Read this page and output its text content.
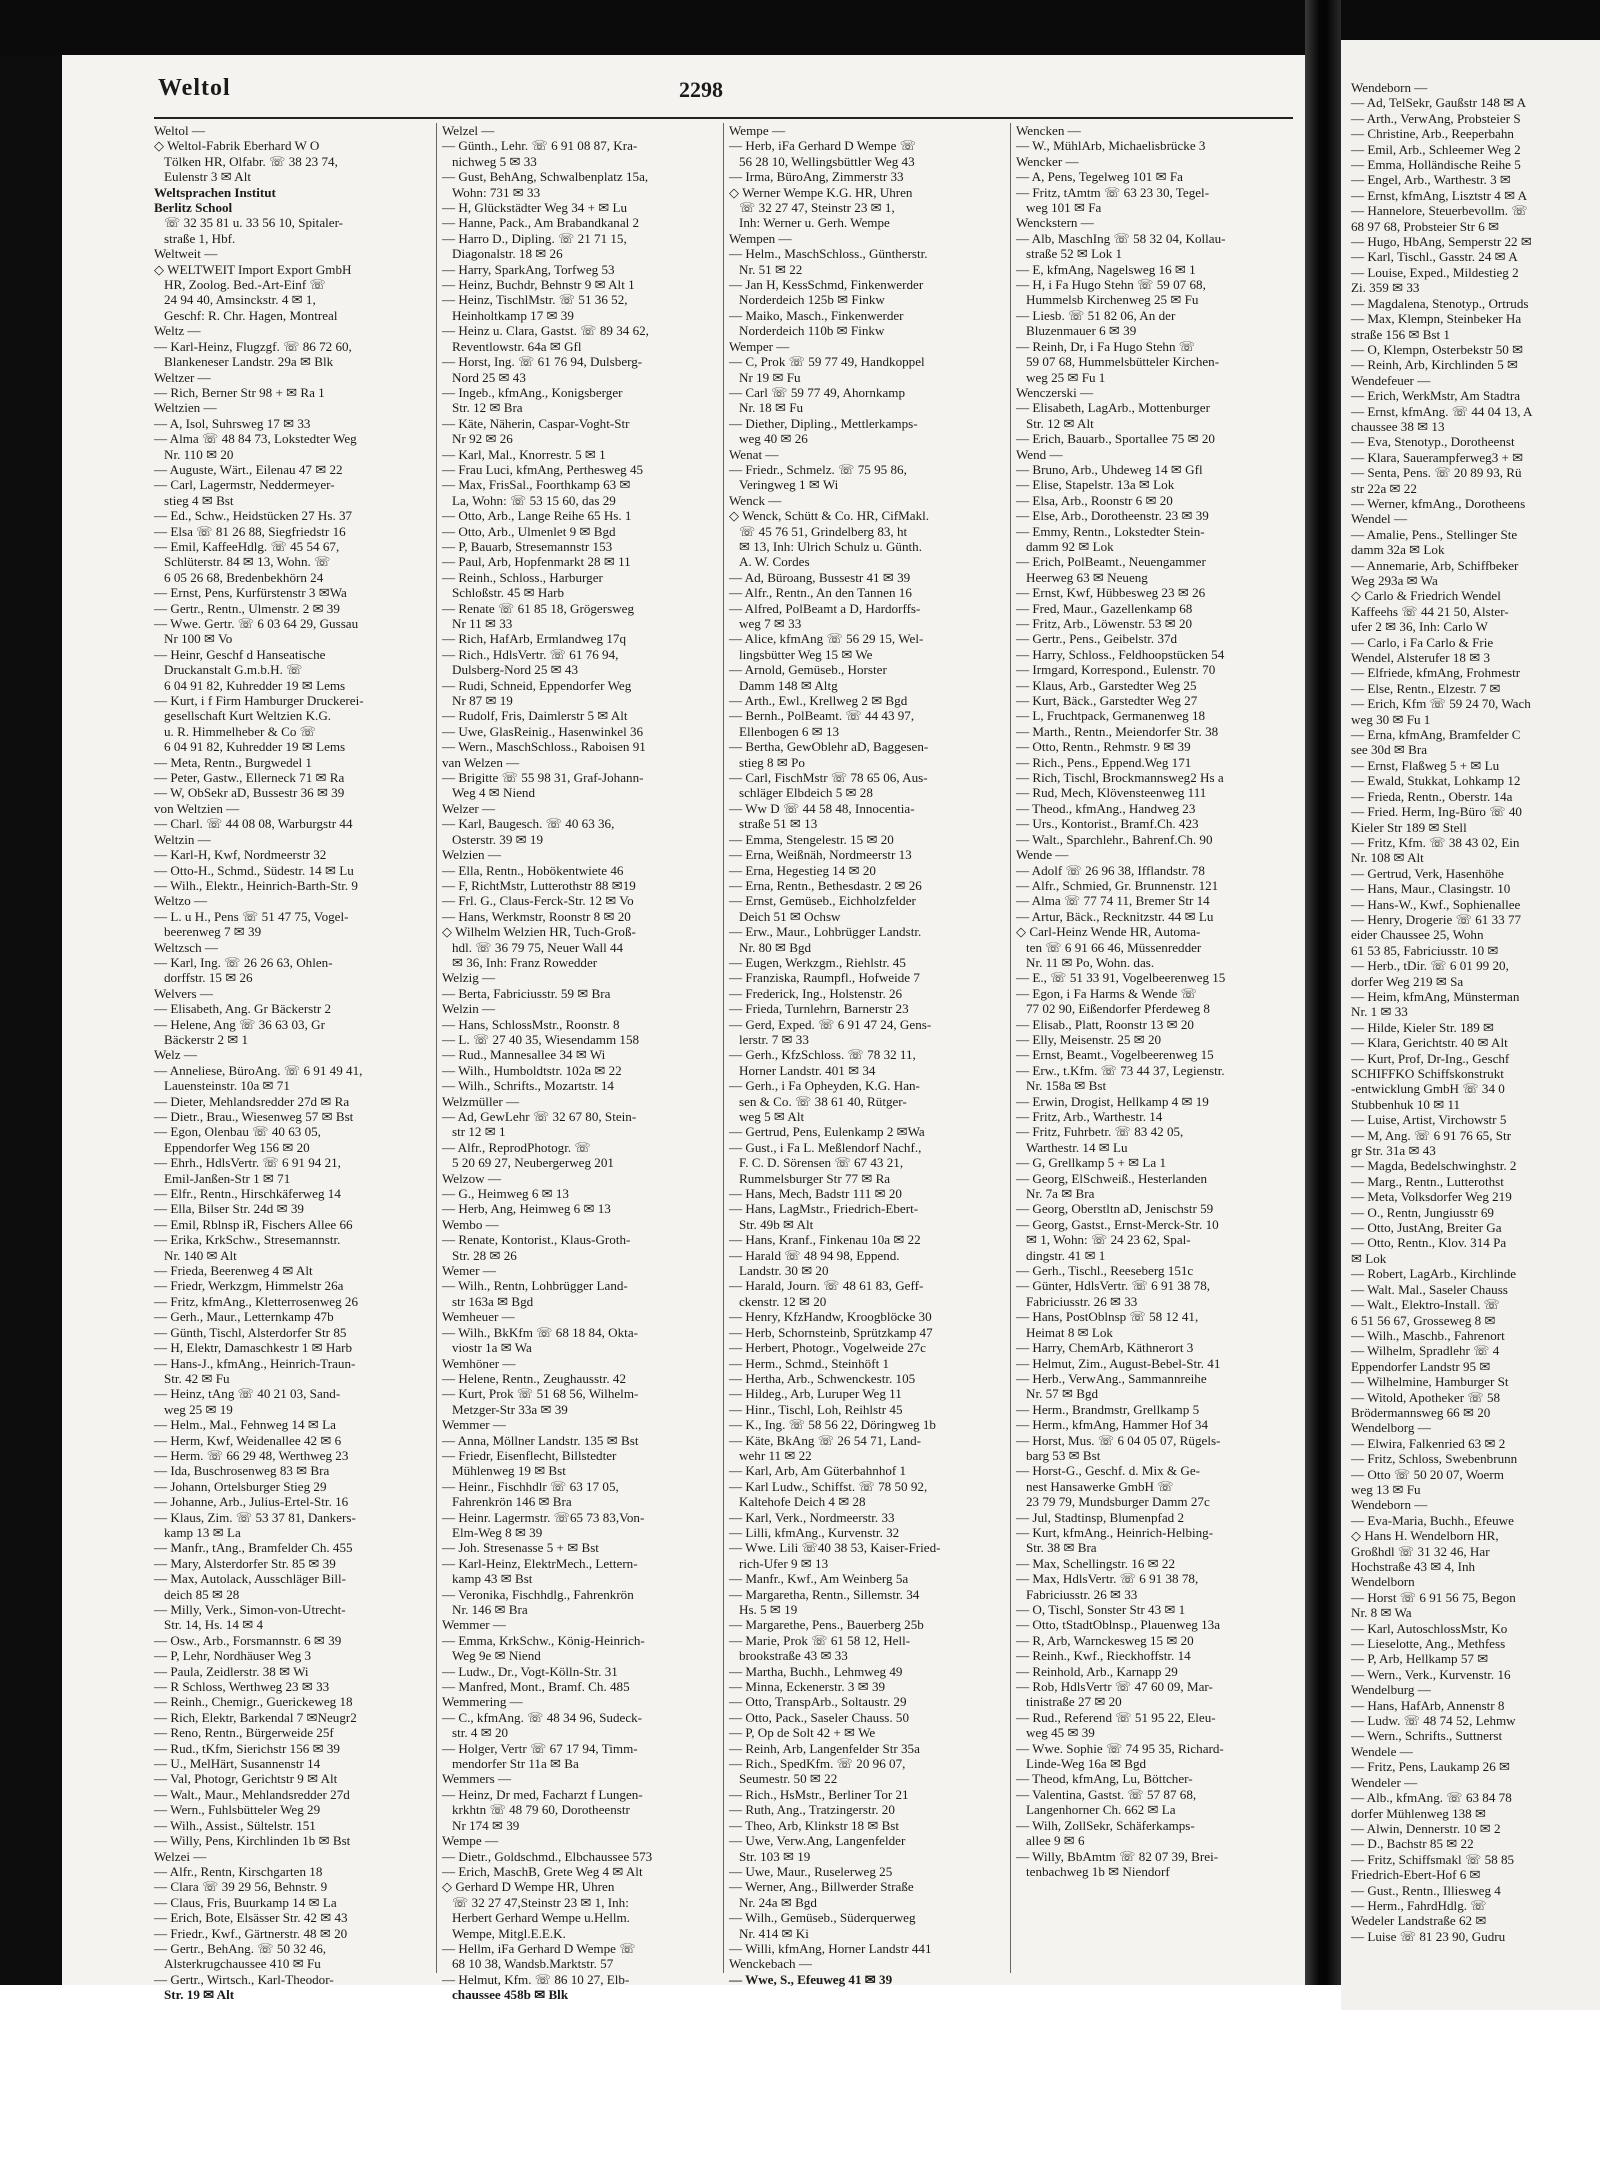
Weltol	2298
Weltol —
◇ Weltol-Fabrik Eberhard W O
Tölken HR, Olfabr. ☏ 38 23 74,
Eulenstr 3 ✉ Alt
Weltsprachen Institut
Berlitz School
☏ 32 35 81 u. 33 56 10, Spitaler-
straße 1, Hbf.
Weltweit —
◇ WELTWEIT Import Export GmbH
HR, Zoolog. Bed.-Art-Einf ☏
24 94 40, Amsinckstr. 4 ✉ 1,
Geschf: R. Chr. Hagen, Montreal
Weltz —
— Karl-Heinz, Flugzgf. ☏ 86 72 60,
Blankeneser Landstr. 29a ✉ Blk
Weltzer —
— Rich, Berner Str 98 + ✉ Ra 1
Weltzien —
— A, Isol, Suhrsweg 17 ✉ 33
— Alma ☏ 48 84 73, Lokstedter Weg
Nr. 110 ✉ 20
— Auguste, Wärt., Eilenau 47 ✉ 22
— Carl, Lagermstr, Neddermeyer-
stieg 4 ✉ Bst
— Ed., Schw., Heidstücken 27 Hs. 37
— Elsa ☏ 81 26 88, Siegfriedstr 16
— Emil, KaffeeHdlg. ☏ 45 54 67,
Schlüterstr. 84 ✉ 13, Wohn. ☏
6 05 26 68, Bredenbekhörn 24
— Ernst, Pens, Kurfürstenstr 3 ✉Wa
— Gertr., Rentn., Ulmenstr. 2 ✉ 39
— Wwe. Gertr. ☏ 6 03 64 29, Gussau
Nr 100 ✉ Vo
— Heinr, Geschf d Hanseatische
Druckanstalt G.m.b.H. ☏
6 04 91 82, Kuhredder 19 ✉ Lems
— Kurt, i f Firm Hamburger Druckerei-
gesellschaft Kurt Weltzien K.G.
u. R. Himmelheber & Co ☏
6 04 91 82, Kuhredder 19 ✉ Lems
— Meta, Rentn., Burgwedel 1
— Peter, Gastw., Ellerneck 71 ✉ Ra
— W, ObSekr aD, Bussestr 36 ✉ 39
von Weltzien —
— Charl. ☏ 44 08 08, Warburgstr 44
Weltzin —
— Karl-H, Kwf, Nordmeerstr 32
— Otto-H., Schmd., Südestr. 14 ✉ Lu
— Wilh., Elektr., Heinrich-Barth-Str. 9
Weltzo —
— L. u H., Pens ☏ 51 47 75, Vogel-
beerenweg 7 ✉ 39
Weltzsch —
— Karl, Ing. ☏ 26 26 63, Ohlen-
dorffstr. 15 ✉ 26
Welvers —
— Elisabeth, Ang. Gr Bäckerstr 2
— Helene, Ang ☏ 36 63 03, Gr
Bäckerstr 2 ✉ 1
Welz —
— Anneliese, BüroAng. ☏ 6 91 49 41,
Lauensteinstr. 10a ✉ 71
— Dieter, Mehlandsredder 27d ✉ Ra
— Dietr., Brau., Wiesenweg 57 ✉ Bst
— Egon, Olenbau ☏ 40 63 05,
Eppendorfer Weg 156 ✉ 20
— Ehrh., HdlsVertr. ☏ 6 91 94 21,
Emil-Janßen-Str 1 ✉ 71
— Elfr., Rentn., Hirschkäferweg 14
— Ella, Bilser Str. 24d ✉ 39
— Emil, Rblnsp iR, Fischers Allee 66
— Erika, KrkSchw., Stresemannstr.
Nr. 140 ✉ Alt
— Frieda, Beerenweg 4 ✉ Alt
— Friedr, Werkzgm, Himmelstr 26a
— Fritz, kfmAng., Kletterrosenweg 26
— Gerh., Maur., Letternkamp 47b
— Günth, Tischl, Alsterdorfer Str 85
— H, Elektr, Damaschkestr 1 ✉ Harb
— Hans-J., kfmAng., Heinrich-Traun-
Str. 42 ✉ Fu
— Heinz, tAng ☏ 40 21 03, Sand-
weg 25 ✉ 19
— Helm., Mal., Fehnweg 14 ✉ La
— Herm, Kwf, Weidenallee 42 ✉ 6
— Herm. ☏ 66 29 48, Werthweg 23
— Ida, Buschrosenweg 83 ✉ Bra
— Johann, Ortelsburger Stieg 29
— Johanne, Arb., Julius-Ertel-Str. 16
— Klaus, Zim. ☏ 53 37 81, Dankers-
kamp 13 ✉ La
— Manfr., tAng., Bramfelder Ch. 455
— Mary, Alsterdorfer Str. 85 ✉ 39
— Max, Autolack, Ausschläger Bill-
deich 85 ✉ 28
— Milly, Verk., Simon-von-Utrecht-
Str. 14, Hs. 14 ✉ 4
— Osw., Arb., Forsmannstr. 6 ✉ 39
— P, Lehr, Nordhäuser Weg 3
— Paula, Zeidlerstr. 38 ✉ Wi
— R Schloss, Werthweg 23 ✉ 33
— Reinh., Chemigr., Guerickeweg 18
— Rich, Elektr, Barkendal 7 ✉Neugr2
— Reno, Rentn., Bürgerweide 25f
— Rud., tKfm, Sierichstr 156 ✉ 39
— U., MelHärt, Susannenstr 14
— Val, Photogr, Gerichtstr 9 ✉ Alt
— Walt., Maur., Mehlandsredder 27d
— Wern., Fuhlsbütteler Weg 29
— Wilh., Assist., Sültelstr. 151
— Willy, Pens, Kirchlinden 1b ✉ Bst
Welzei —
— Alfr., Rentn, Kirschgarten 18
— Clara ☏ 39 29 56, Behnstr. 9
— Claus, Fris, Buurkamp 14 ✉ La
— Erich, Bote, Elsässer Str. 42 ✉ 43
— Friedr., Kwf., Gärtnerstr. 48 ✉ 20
— Gertr., BehAng. ☏ 50 32 46,
Alsterkrugchaussee 410 ✉ Fu
— Gertr., Wirtsch., Karl-Theodor-
Str. 19 ✉ Alt
Welzel —
— Günth., Lehr. ☏ 6 91 08 87, Kra-
nichweg 5 ✉ 33
— Gust, BehAng, Schwalbenplatz 15a,
Wohn: 731 ✉ 33
— H, Glückstädter Weg 34 + ✉ Lu
— Hanne, Pack., Am Brabandkanal 2
— Harro D., Dipling. ☏ 21 71 15,
Diagonalstr. 18 ✉ 26
— Harry, SparkAng, Torfweg 53
— Heinz, Buchdr, Behnstr 9 ✉ Alt 1
— Heinz, TischlMstr. ☏ 51 36 52,
Heinholtkamp 17 ✉ 39
— Heinz u. Clara, Gastst. ☏ 89 34 62,
Reventlowstr. 64a ✉ Gfl
— Horst, Ing. ☏ 61 76 94, Dulsberg-
Nord 25 ✉ 43
— Ingeb., kfmAng., Konigsberger
Str. 12 ✉ Bra
— Käte, Näherin, Caspar-Voght-Str
Nr 92 ✉ 26
— Karl, Mal., Knorrestr. 5 ✉ 1
— Frau Luci, kfmAng, Perthesweg 45
— Max, FrisSal., Foorthkamp 63 ✉
La, Wohn: ☏ 53 15 60, das 29
— Otto, Arb., Lange Reihe 65 Hs. 1
— Otto, Arb., Ulmenlet 9 ✉ Bgd
— P, Bauarb, Stresemannstr 153
— Paul, Arb, Hopfenmarkt 28 ✉ 11
— Reinh., Schloss., Harburger
Schloßstr. 45 ✉ Harb
— Renate ☏ 61 85 18, Grögersweg
Nr 11 ✉ 33
— Rich, HafArb, Ermlandweg 17q
— Rich., HdlsVertr. ☏ 61 76 94,
Dulsberg-Nord 25 ✉ 43
— Rudi, Schneid, Eppendorfer Weg
Nr 87 ✉ 19
— Rudolf, Fris, Daimlerstr 5 ✉ Alt
— Uwe, GlasReinig., Hasenwinkel 36
— Wern., MaschSchloss., Raboisen 91
van Welzen —
— Brigitte ☏ 55 98 31, Graf-Johann-
Weg 4 ✉ Niend
Welzer —
— Karl, Baugesch. ☏ 40 63 36,
Osterstr. 39 ✉ 19
Welzien —
— Ella, Rentn., Hobökentwiete 46
— F, RichtMstr, Lutterothstr 88 ✉19
— Frl. G., Claus-Ferck-Str. 12 ✉ Vo
— Hans, Werkmstr, Roonstr 8 ✉ 20
◇ Wilhelm Welzien HR, Tuch-Groß-
hdl. ☏ 36 79 75, Neuer Wall 44
✉ 36, Inh: Franz Rowedder
Welzig —
— Berta, Fabriciusstr. 59 ✉ Bra
Welzin —
— Hans, SchlossMstr., Roonstr. 8
— L. ☏ 27 40 35, Wiesendamm 158
— Rud., Mannesallee 34 ✉ Wi
— Wilh., Humboldtstr. 102a ✉ 22
— Wilh., Schrifts., Mozartstr. 14
Welzmüller —
— Ad, GewLehr ☏ 32 67 80, Stein-
str 12 ✉ 1
— Alfr., ReprodPhotogr. ☏
5 20 69 27, Neubergerweg 201
Welzow —
— G., Heimweg 6 ✉ 13
— Herb, Ang, Heimweg 6 ✉ 13
Wembo —
— Renate, Kontorist., Klaus-Groth-
Str. 28 ✉ 26
Wemer —
— Wilh., Rentn, Lohbrügger Land-
str 163a ✉ Bgd
Wemheuer —
— Wilh., BkKfm ☏ 68 18 84, Okta-
viostr 1a ✉ Wa
Wemhöner —
— Helene, Rentn., Zeughausstr. 42
— Kurt, Prok ☏ 51 68 56, Wilhelm-
Metzger-Str 33a ✉ 39
Wemmer —
— Anna, Möllner Landstr. 135 ✉ Bst
— Friedr, Eisenflecht, Billstedter
Mühlenweg 19 ✉ Bst
— Heinr., Fischhdlr ☏ 63 17 05,
Fahrenkrön 146 ✉ Bra
— Heinr. Lagermstr. ☏65 73 83,Von-
Elm-Weg 8 ✉ 39
— Joh. Stresenasse 5 + ✉ Bst
— Karl-Heinz, ElektrMech., Lettern-
kamp 43 ✉ Bst
— Veronika, Fischhdlg., Fahrenkrön
Nr. 146 ✉ Bra
Wemmer —
— Emma, KrkSchw., König-Heinrich-
Weg 9e ✉ Niend
— Ludw., Dr., Vogt-Kölln-Str. 31
— Manfred, Mont., Bramf. Ch. 485
Wemmering —
— C., kfmAng. ☏ 48 34 96, Sudeck-
str. 4 ✉ 20
— Holger, Vertr ☏ 67 17 94, Timm-
mendorfer Str 11a ✉ Ba
Wemmers —
— Heinz, Dr med, Facharzt f Lungen-
krkhtn ☏ 48 79 60, Dorotheenstr
Nr 174 ✉ 39
Wempe —
— Dietr., Goldschmd., Elbchaussee 573
— Erich, MaschB, Grete Weg 4 ✉ Alt
◇ Gerhard D Wempe HR, Uhren
☏ 32 27 47,Steinstr 23 ✉ 1, Inh:
Herbert Gerhard Wempe u.Hellm.
Wempe, Mitgl.E.E.K.
— Hellm, iFa Gerhard D Wempe ☏
68 10 38, Wandsb.Marktstr. 57
— Helmut, Kfm. ☏ 86 10 27, Elb-
chaussee 458b ✉ Blk
Wempe —
— Herb, iFa Gerhard D Wempe ☏
56 28 10, Wellingsbüttler Weg 43
— Irma, BüroAng, Zimmerstr 33
◇ Werner Wempe K.G. HR, Uhren
☏ 32 27 47, Steinstr 23 ✉ 1,
Inh: Werner u. Gerh. Wempe
Wempen —
— Helm., MaschSchloss., Güntherstr.
Nr. 51 ✉ 22
— Jan H, KessSchmd, Finkenwerder
Norderdeich 125b ✉ Finkw
— Maiko, Masch., Finkenwerder
Norderdeich 110b ✉ Finkw
Wemper —
— C, Prok ☏ 59 77 49, Handkoppel
Nr 19 ✉ Fu
— Carl ☏ 59 77 49, Ahornkamp
Nr. 18 ✉ Fu
— Diether, Dipling., Mettlerkamps-
weg 40 ✉ 26
Wenat —
— Friedr., Schmelz. ☏ 75 95 86,
Veringweg 1 ✉ Wi
Wenck —
◇ Wenck, Schütt & Co. HR, CifMakl.
☏ 45 76 51, Grindelberg 83, ht
✉ 13, Inh: Ulrich Schulz u. Günth.
A. W. Cordes
— Ad, Büroang, Bussestr 41 ✉ 39
— Alfr., Rentn., An den Tannen 16
— Alfred, PolBeamt a D, Hardorffs-
weg 7 ✉ 33
— Alice, kfmAng ☏ 56 29 15, Wel-
lingsbütter Weg 15 ✉ We
— Arnold, Gemüseb., Horster
Damm 148 ✉ Altg
— Arth., Ewl., Krellweg 2 ✉ Bgd
— Bernh., PolBeamt. ☏ 44 43 97,
Ellenbogen 6 ✉ 13
— Bertha, GewOblehr aD, Baggesen-
stieg 8 ✉ Po
— Carl, FischMstr ☏ 78 65 06, Aus-
schläger Elbdeich 5 ✉ 28
— Ww D ☏ 44 58 48, Innocentia-
straße 51 ✉ 13
— Emma, Stengelestr. 15 ✉ 20
— Erna, Weißnäh, Nordmeerstr 13
— Erna, Hegestieg 14 ✉ 20
— Erna, Rentn., Bethesdastr. 2 ✉ 26
— Ernst, Gemüseb., Eichholzfelder
Deich 51 ✉ Ochsw
— Erw., Maur., Lohbrügger Landstr.
Nr. 80 ✉ Bgd
— Eugen, Werkzgm., Riehlstr. 45
— Franziska, Raumpfl., Hofweide 7
— Frederick, Ing., Holstenstr. 26
— Frieda, Turnlehrn, Barnerstr 23
— Gerd, Exped. ☏ 6 91 47 24, Gens-
lerstr. 7 ✉ 33
— Gerh., KfzSchloss. ☏ 78 32 11,
Horner Landstr. 401 ✉ 34
— Gerh., i Fa Opheyden, K.G. Han-
sen & Co. ☏ 38 61 40, Rütger-
weg 5 ✉ Alt
— Gertrud, Pens, Eulenkamp 2 ✉Wa
— Gust., i Fa L. Meßlendorf Nachf.,
F. C. D. Sörensen ☏ 67 43 21,
Rummelsburger Str 77 ✉ Ra
— Hans, Mech, Badstr 111 ✉ 20
— Hans, LagMstr., Friedrich-Ebert-
Str. 49b ✉ Alt
— Hans, Kranf., Finkenau 10a ✉ 22
— Harald ☏ 48 94 98, Eppend.
Landstr. 30 ✉ 20
— Harald, Journ. ☏ 48 61 83, Geff-
ckenstr. 12 ✉ 20
— Henry, KfzHandw, Kroogblöcke 30
— Herb, Schornsteinb, Sprützkamp 47
— Herbert, Photogr., Vogelweide 27c
— Herm., Schmd., Steinhöft 1
— Hertha, Arb., Schwenckestr. 105
— Hildeg., Arb, Luruper Weg 11
— Hinr., Tischl, Loh, Reihlstr 45
— K., Ing. ☏ 58 56 22, Döringweg 1b
— Käte, BkAng ☏ 26 54 71, Land-
wehr 11 ✉ 22
— Karl, Arb, Am Güterbahnhof 1
— Karl Ludw., Schiffst. ☏ 78 50 92,
Kaltehofe Deich 4 ✉ 28
— Karl, Verk., Nordmeerstr. 33
— Lilli, kfmAng., Kurvenstr. 32
— Wwe. Lili ☏40 38 53, Kaiser-Fried-
rich-Ufer 9 ✉ 13
— Manfr., Kwf., Am Weinberg 5a
— Margaretha, Rentn., Sillemstr. 34
Hs. 5 ✉ 19
— Margarethe, Pens., Bauerberg 25b
— Marie, Prok ☏ 61 58 12, Hell-
brookstraße 43 ✉ 33
— Martha, Buchh., Lehmweg 49
— Minna, Eckenerstr. 3 ✉ 39
— Otto, TranspArb., Soltaustr. 29
— Otto, Pack., Saseler Chauss. 50
— P, Op de Solt 42 + ✉ We
— Reinh, Arb, Langenfelder Str 35a
— Rich., SpedKfm. ☏ 20 96 07,
Seumestr. 50 ✉ 22
— Rich., HsMstr., Berliner Tor 21
— Ruth, Ang., Tratzingerstr. 20
— Theo, Arb, Klinkstr 18 ✉ Bst
— Uwe, Verw.Ang, Langenfelder
Str. 103 ✉ 19
— Uwe, Maur., Ruselerweg 25
— Werner, Ang., Billwerder Straße
Nr. 24a ✉ Bgd
— Wilh., Gemüseb., Süderquerweg
Nr. 414 ✉ Ki
— Willi, kfmAng, Horner Landstr 441
Wenckebach —
— Wwe, S., Efeuweg 41 ✉ 39
Wencken —
— W., MühlArb, Michaelisbrücke 3
Wencker —
— A, Pens, Tegelweg 101 ✉ Fa
— Fritz, tAmtm ☏ 63 23 30, Tegel-
weg 101 ✉ Fa
Wenckstern —
— Alb, MaschIng ☏ 58 32 04, Kollau-
straße 52 ✉ Lok 1
— E, kfmAng, Nagelsweg 16 ✉ 1
— H, i Fa Hugo Stehn ☏ 59 07 68,
Hummelsb Kirchenweg 25 ✉ Fu
— Liesb. ☏ 51 82 06, An der
Bluzenmauer 6 ✉ 39
— Reinh, Dr, i Fa Hugo Stehn ☏
59 07 68, Hummelsbütteler Kirchen-
weg 25 ✉ Fu 1
Wenczerski —
— Elisabeth, LagArb., Mottenburger
Str. 12 ✉ Alt
— Erich, Bauarb., Sportallee 75 ✉ 20
Wend —
— Bruno, Arb., Uhdeweg 14 ✉ Gfl
— Elise, Stapelstr. 13a ✉ Lok
— Elsa, Arb., Roonstr 6 ✉ 20
— Else, Arb., Dorotheenstr. 23 ✉ 39
— Emmy, Rentn., Lokstedter Stein-
damm 92 ✉ Lok
— Erich, PolBeamt., Neuengammer
Heerweg 63 ✉ Neueng
— Ernst, Kwf, Hübbesweg 23 ✉ 26
— Fred, Maur., Gazellenkamp 68
— Fritz, Arb., Löwenstr. 53 ✉ 20
— Gertr., Pens., Geibelstr. 37d
— Harry, Schloss., Feldhoopstücken 54
— Irmgard, Korrespond., Eulenstr. 70
— Klaus, Arb., Garstedter Weg 25
— Kurt, Bäck., Garstedter Weg 27
— L, Fruchtpack, Germanenweg 18
— Marth., Rentn., Meiendorfer Str. 38
— Otto, Rentn., Rehmstr. 9 ✉ 39
— Rich., Pens., Eppend.Weg 171
— Rich, Tischl, Brockmannsweg2 Hs a
— Rud, Mech, Klövensteenweg 111
— Theod., kfmAng., Handweg 23
— Urs., Kontorist., Bramf.Ch. 423
— Walt., Sparchlehr., Bahrenf.Ch. 90
Wende —
— Adolf ☏ 26 96 38, Ifflandstr. 78
— Alfr., Schmied, Gr. Brunnenstr. 121
— Alma ☏ 77 74 11, Bremer Str 14
— Artur, Bäck., Recknitzstr. 44 ✉ Lu
◇ Carl-Heinz Wende HR, Automa-
ten ☏ 6 91 66 46, Müssenredder
Nr. 11 ✉ Po, Wohn. das.
— E., ☏ 51 33 91, Vogelbeerenweg 15
— Egon, i Fa Harms & Wende ☏
77 02 90, Eißendorfer Pferdeweg 8
— Elisab., Platt, Roonstr 13 ✉ 20
— Elly, Meisenstr. 25 ✉ 20
— Ernst, Beamt., Vogelbeerenweg 15
— Erw., t.Kfm. ☏ 73 44 37, Legienstr.
Nr. 158a ✉ Bst
— Erwin, Drogist, Hellkamp 4 ✉ 19
— Fritz, Arb., Warthestr. 14
— Fritz, Fuhrbetr. ☏ 83 42 05,
Warthestr. 14 ✉ Lu
— G, Grellkamp 5 + ✉ La 1
— Georg, ElSchweiß., Hesterlanden
Nr. 7a ✉ Bra
— Georg, Oberstltn aD, Jenischstr 59
— Georg, Gastst., Ernst-Merck-Str. 10
✉ 1, Wohn: ☏ 24 23 62, Spal-
dingstr. 41 ✉ 1
— Gerh., Tischl., Reeseberg 151c
— Günter, HdlsVertr. ☏ 6 91 38 78,
Fabriciusstr. 26 ✉ 33
— Hans, PostOblnsp ☏ 58 12 41,
Heimat 8 ✉ Lok
— Harry, ChemArb, Käthnerort 3
— Helmut, Zim., August-Bebel-Str. 41
— Herb., VerwAng., Sammannreihe
Nr. 57 ✉ Bgd
— Herm., Brandmstr, Grellkamp 5
— Herm., kfmAng, Hammer Hof 34
— Horst, Mus. ☏ 6 04 05 07, Rügels-
barg 53 ✉ Bst
— Horst-G., Geschf. d. Mix & Ge-
nest Hansawerke GmbH ☏
23 79 79, Mundsburger Damm 27c
— Jul, Stadtinsp, Blumenpfad 2
— Kurt, kfmAng., Heinrich-Helbing-
Str. 38 ✉ Bra
— Max, Schellingstr. 16 ✉ 22
— Max, HdlsVertr. ☏ 6 91 38 78,
Fabriciusstr. 26 ✉ 33
— O, Tischl, Sonster Str 43 ✉ 1
— Otto, tStadtOblnsp., Plauenweg 13a
— R, Arb, Warnckesweg 15 ✉ 20
— Reinh., Kwf., Rieckhoffstr. 14
— Reinhold, Arb., Karnapp 29
— Rob, HdlsVertr ☏ 47 60 09, Mar-
tinistraße 27 ✉ 20
— Rud., Referend ☏ 51 95 22, Eleu-
weg 45 ✉ 39
— Wwe. Sophie ☏ 74 95 35, Richard-
Linde-Weg 16a ✉ Bgd
— Theod, kfmAng, Lu, Böttcher-
— Valentina, Gastst. ☏ 57 87 68,
Langenhorner Ch. 662 ✉ La
— Wilh, ZollSekr, Schäferkamps-
allee 9 ✉ 6
— Willy, BbAmtm ☏ 82 07 39, Brei-
tenbachweg 1b ✉ Niendorf
Wendeborn —
— Ad, TelSekr, Gaußstr 148 ✉ A
— Arth., VerwAng, Probsteier S
— Christine, Arb., Reeperbahn
— Emil, Arb., Schleemer Weg 2
— Emma, Holländische Reihe 5
— Engel, Arb., Warthestr. 3 ✉
— Ernst, kfmAng, Lisztstr 4 ✉ A
— Hannelore, Steuerbevollm. ☏
68 97 68, Probsteier Str 6 ✉
— Hugo, HbAng, Semperstr 22 ✉
— Karl, Tischl., Gasstr. 24 ✉ A
— Louise, Exped., Mildestieg 2
Zi. 359 ✉ 33
— Magdalena, Stenotyp., Ortruds
— Max, Klempn, Steinbeker Ha
straße 156 ✉ Bst 1
— O, Klempn, Osterbekstr 50 ✉
— Reinh, Arb, Kirchlinden 5 ✉
Wendefeuer —
— Erich, WerkMstr, Am Stadtra
— Ernst, kfmAng. ☏ 44 04 13, A
chaussee 38 ✉ 13
— Eva, Stenotyp., Dorotheenst
— Klara, Sauerampferweg3 + ✉
— Senta, Pens. ☏ 20 89 93, Rü
str 22a ✉ 22
— Werner, kfmAng., Dorotheens
Wendel —
— Amalie, Pens., Stellinger Ste
damm 32a ✉ Lok
— Annemarie, Arb, Schiffbeker
Weg 293a ✉ Wa
◇ Carlo & Friedrich Wendel
Kaffeehs ☏ 44 21 50, Alster-
ufer 2 ✉ 36, Inh: Carlo W
— Carlo, i Fa Carlo & Frie
Wendel, Alsterufer 18 ✉ 3
— Elfriede, kfmAng, Frohmestr
— Else, Rentn., Elzestr. 7 ✉
— Erich, Kfm ☏ 59 24 70, Wach
weg 30 ✉ Fu 1
— Erna, kfmAng, Bramfelder C
see 30d ✉ Bra
— Ernst, Flaßweg 5 + ✉ Lu
— Ewald, Stukkat, Lohkamp 12
— Frieda, Rentn., Oberstr. 14a
— Fried. Herm, Ing-Büro ☏ 40
Kieler Str 189 ✉ Stell
— Fritz, Kfm. ☏ 38 43 02, Ein
Nr. 108 ✉ Alt
— Gertrud, Verk, Hasenhöhe
— Hans, Maur., Clasingstr. 10
— Hans-W., Kwf., Sophienallee
— Henry, Drogerie ☏ 61 33 77
eider Chaussee 25, Wohn
61 53 85, Fabriciusstr. 10 ✉
— Herb., tDir. ☏ 6 01 99 20,
dorfer Weg 219 ✉ Sa
— Heim, kfmAng, Münsterman
Nr. 1 ✉ 33
— Hilde, Kieler Str. 189 ✉
— Klara, Gerichtstr. 40 ✉ Alt
— Kurt, Prof, Dr-Ing., Geschf
SCHIFFKO Schiffskonstrukt
-entwicklung GmbH ☏ 34 0
Stubbenhuk 10 ✉ 11
— Luise, Artist, Virchowstr 5
— M, Ang. ☏ 6 91 76 65, Str
gr Str. 31a ✉ 43
— Magda, Bedelschwinghstr. 2
— Marg., Rentn., Lutterothst
— Meta, Volksdorfer Weg 219
— O., Rentn, Jungiusstr 69
— Otto, JustAng, Breiter Ga
— Otto, Rentn., Klov. 314 Pa
✉ Lok
— Robert, LagArb., Kirchlinde
— Walt. Mal., Saseler Chauss
— Walt., Elektro-Install. ☏
6 51 56 67, Grosseweg 8 ✉
— Wilh., Maschb., Fahrenort
— Wilhelm, Spradlehr ☏ 4
Eppendorfer Landstr 95 ✉
— Wilhelmine, Hamburger St
— Witold, Apotheker ☏ 58
Brödermannsweg 66 ✉ 20
Wendelborg —
— Elwira, Falkenried 63 ✉ 2
— Fritz, Schloss, Swebenbrunn
— Otto ☏ 50 20 07, Woerm
weg 13 ✉ Fu
Wendeborn —
— Eva-Maria, Buchh., Efeuwe
◇ Hans H. Wendelborn HR,
Großhdl ☏ 31 32 46, Har
Hochstraße 43 ✉ 4, Inh
Wendelborn
— Horst ☏ 6 91 56 75, Begon
Nr. 8 ✉ Wa
— Karl, AutoschlossMstr, Ko
— Lieselotte, Ang., Methfess
— P, Arb, Hellkamp 57 ✉
— Wern., Verk., Kurvenstr. 16
Wendelburg —
— Hans, HafArb, Annenstr 8
— Ludw. ☏ 48 74 52, Lehmw
— Wern., Schrifts., Suttnerst
Wendele —
— Fritz, Pens, Laukamp 26 ✉
Wendeler —
— Alb., kfmAng. ☏ 63 84 78
dorfer Mühlenweg 138 ✉
— Alwin, Dennerstr. 10 ✉ 2
— D., Bachstr 85 ✉ 22
— Fritz, Schiffsmakl ☏ 58 85
Friedrich-Ebert-Hof 6 ✉
— Gust., Rentn., Illiesweg 4
— Herm., FahrdHdlg. ☏
Wedeler Landstraße 62 ✉
— Luise ☏ 81 23 90, Gudru
